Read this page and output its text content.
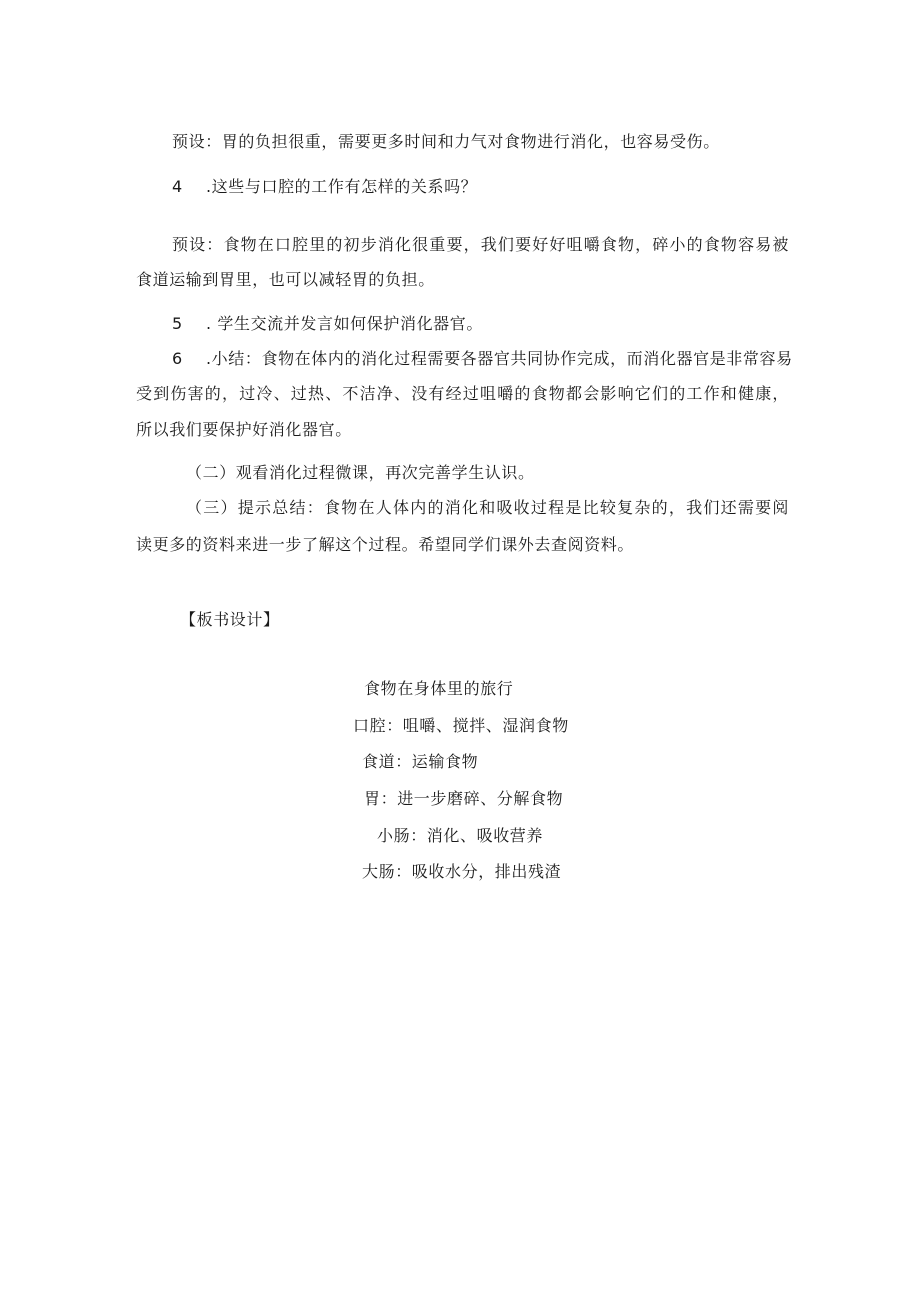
预设：胃的负担很重，需要更多时间和力气对食物进行消化，也容易受伤。
4 .这些与口腔的工作有怎样的关系吗？
预设：食物在口腔里的初步消化很重要，我们要好好咀嚼食物，碎小的食物容易被
食道运输到胃里，也可以减轻胃的负担。
5 . 学生交流并发言如何保护消化器官。
6 .小结：食物在体内的消化过程需要各器官共同协作完成，而消化器官是非常容易
受到伤害的，过冷、过热、不洁净、没有经过咀嚼的食物都会影响它们的工作和健康，
所以我们要保护好消化器官。
（二）观看消化过程微课，再次完善学生认识。
（三）提示总结：食物在人体内的消化和吸收过程是比较复杂的，我们还需要阅
读更多的资料来进一步了解这个过程。希望同学们课外去查阅资料。
【板书设计】
食物在身体里的旅行
口腔：咀嚼、搅拌、湿润食物
食道：运输食物
胃：进一步磨碎、分解食物
小肠：消化、吸收营养
大肠：吸收水分，排出残渣
